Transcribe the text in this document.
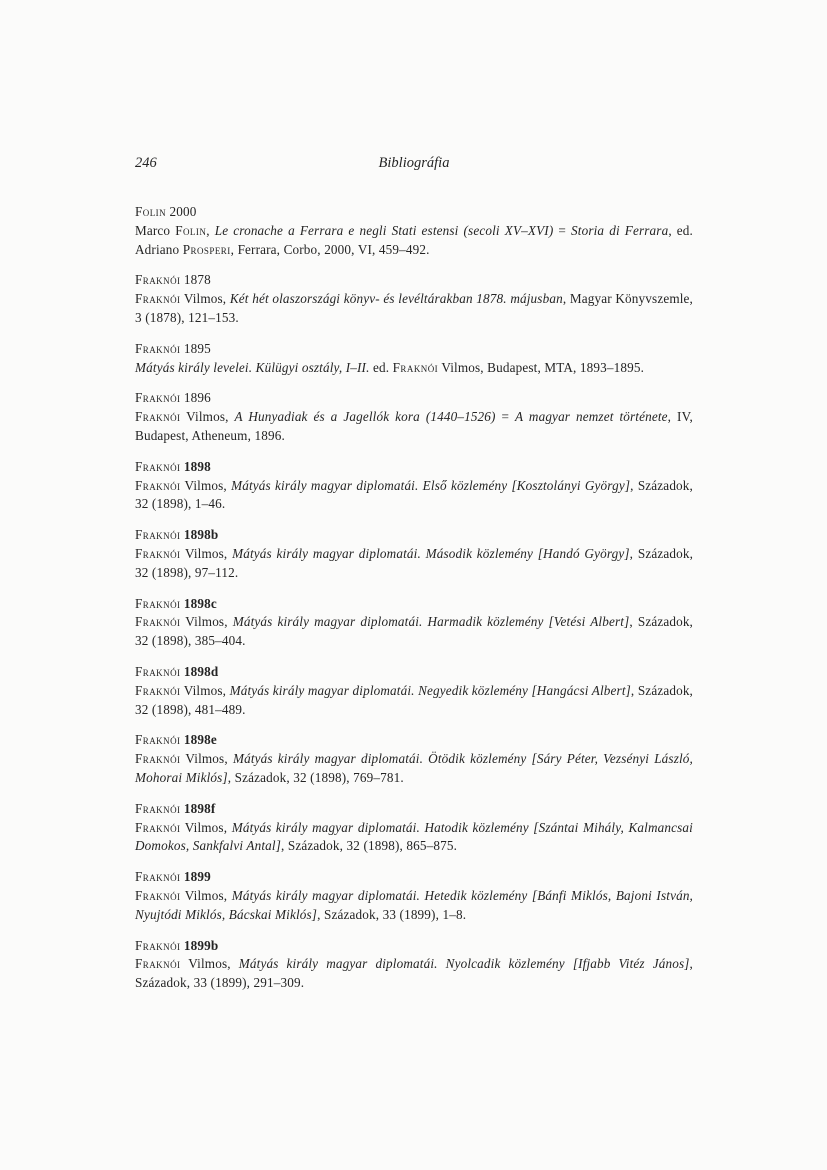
246	Bibliográfia

Folin 2000

Marco Folin, Le cronache a Ferrara e negli Stati estensi (secoli XV–XVI) = Storia di Ferrara, ed. Adriano Prosperi, Ferrara, Corbo, 2000, VI, 459–492.

Fraknói 1878

Fraknói Vilmos, Két hét olaszországi könyv- és levéltárakban 1878. májusban, Magyar Könyvszemle, 3 (1878), 121–153.

Fraknói 1895

Mátyás király levelei. Külügyi osztály, I–II. ed. Fraknói Vilmos, Budapest, MTA, 1893–1895.

Fraknói 1896

Fraknói Vilmos, A Hunyadiak és a Jagellók kora (1440–1526) = A magyar nemzet története, IV, Budapest, Atheneum, 1896.

Fraknói 1898

Fraknói Vilmos, Mátyás király magyar diplomatái. Első közlemény [Kosztolányi György], Századok, 32 (1898), 1–46.

Fraknói 1898b

Fraknói Vilmos, Mátyás király magyar diplomatái. Második közlemény [Handó György], Századok, 32 (1898), 97–112.

Fraknói 1898c

Fraknói Vilmos, Mátyás király magyar diplomatái. Harmadik közlemény [Vetési Albert], Századok, 32 (1898), 385–404.

Fraknói 1898d

Fraknói Vilmos, Mátyás király magyar diplomatái. Negyedik közlemény [Hangácsi Albert], Századok, 32 (1898), 481–489.

Fraknói 1898e

Fraknói Vilmos, Mátyás király magyar diplomatái. Ötödik közlemény [Sáry Péter, Vezsényi László, Mohorai Miklós], Századok, 32 (1898), 769–781.

Fraknói 1898f

Fraknói Vilmos, Mátyás király magyar diplomatái. Hatodik közlemény [Szántai Mihály, Kalmancsai Domokos, Sankfalvi Antal], Századok, 32 (1898), 865–875.

Fraknói 1899

Fraknói Vilmos, Mátyás király magyar diplomatái. Hetedik közlemény [Bánfi Miklós, Bajoni István, Nyujtódi Miklós, Bácskai Miklós], Századok, 33 (1899), 1–8.

Fraknói 1899b

Fraknói Vilmos, Mátyás király magyar diplomatái. Nyolcadik közlemény [Ifjabb Vitéz János], Századok, 33 (1899), 291–309.
